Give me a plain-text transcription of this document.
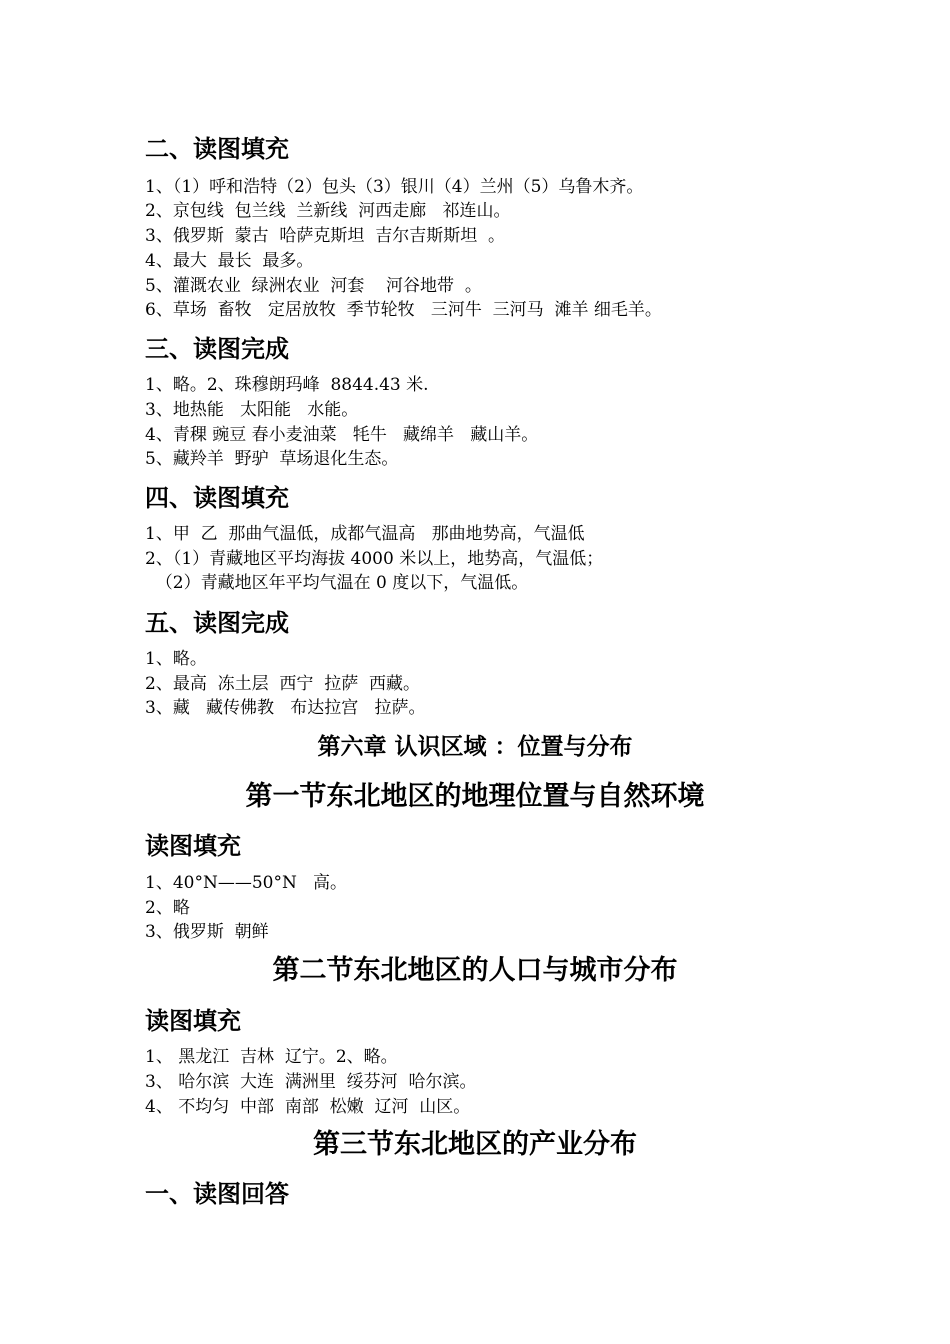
二、读图填充
1、（1）呼和浩特（2）包头（3）银川（4）兰州（5）乌鲁木齐。
2、京包线  包兰线  兰新线  河西走廊   祁连山。
3、俄罗斯  蒙古  哈萨克斯坦  吉尔吉斯斯坦  。
4、最大  最长  最多。
5、灌溉农业  绿洲农业  河套    河谷地带  。
6、草场  畜牧   定居放牧  季节轮牧   三河牛  三河马  滩羊 细毛羊。
三、读图完成
1、略。2、珠穆朗玛峰  8844.43 米.
3、地热能   太阳能   水能。
4、青稞 豌豆 春小麦油菜   牦牛   藏绵羊   藏山羊。
5、藏羚羊  野驴  草场退化生态。
四、读图填充
1、甲  乙  那曲气温低，成都气温高   那曲地势高，气温低
2、（1）青藏地区平均海拔 4000 米以上，地势高，气温低；
（2）青藏地区年平均气温在 0 度以下，气温低。
五、读图完成
1、略。
2、最高  冻土层  西宁  拉萨  西藏。
3、藏   藏传佛教   布达拉宫   拉萨。
第六章 认识区域 ：位置与分布
第一节东北地区的地理位置与自然环境
读图填充
1、40°N——50°N   高。
2、略
3、俄罗斯  朝鲜
第二节东北地区的人口与城市分布
读图填充
1、 黑龙江  吉林  辽宁。2、略。
3、 哈尔滨  大连  满洲里  绥芬河  哈尔滨。
4、 不均匀  中部  南部  松嫩  辽河  山区。
第三节东北地区的产业分布
一、读图回答
